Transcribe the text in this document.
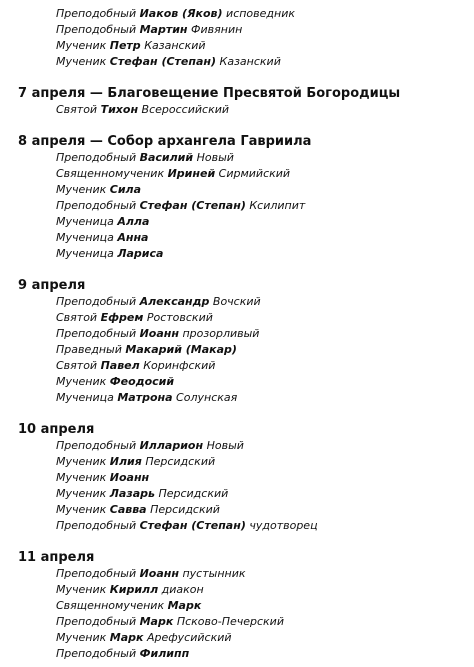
Преподобный Иаков (Яков) исповедник
Преподобный Мартин Фивянин
Мученик Петр Казанский
Мученик Стефан (Степан) Казанский
7 апреля — Благовещение Пресвятой Богородицы
Святой Тихон Всероссийский
8 апреля — Собор архангела Гавриила
Преподобный Василий Новый
Священномученик Ириней Сирмийский
Мученик Сила
Преподобный Стефан (Степан) Ксилипит
Мученица Алла
Мученица Анна
Мученица Лариса
9 апреля
Преподобный Александр Вочский
Святой Ефрем Ростовский
Преподобный Иоанн прозорливый
Праведный Макарий (Макар)
Святой Павел Коринфский
Мученик Феодосий
Мученица Матрона Солунская
10 апреля
Преподобный Илларион Новый
Мученик Илия Персидский
Мученик Иоанн
Мученик Лазарь Персидский
Мученик Савва Персидский
Преподобный Стефан (Степан) чудотворец
11 апреля
Преподобный Иоанн пустынник
Мученик Кирилл диакон
Священномученик Марк
Преподобный Марк Псково-Печерский
Мученик Марк Арефусийский
Преподобный Филипп
